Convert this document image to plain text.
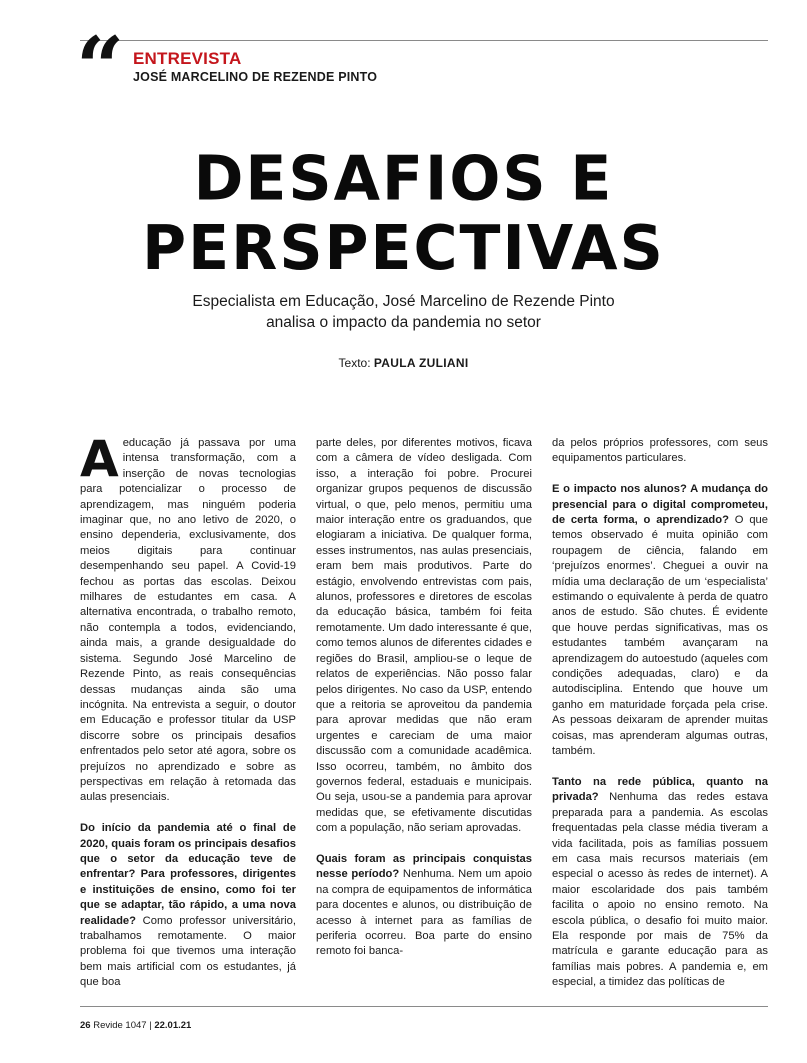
“ ENTREVISTA
JOSÉ MARCELINO DE REZENDE PINTO
DESAFIOS E
PERSPECTIVAS
Especialista em Educação, José Marcelino de Rezende Pinto analisa o impacto da pandemia no setor
Texto: PAULA ZULIANI

Aeducação já passava por uma intensa transformação, com a inserção de novas tecnologias para potencializar o processo de aprendizagem, mas ninguém poderia imaginar que, no ano letivo de 2020, o ensino dependeria, exclusivamente, dos meios digitais para continuar desempenhando seu papel. A Covid-19 fechou as portas das escolas. Deixou milhares de estudantes em casa. A alternativa encontrada, o trabalho remoto, não contempla a todos, evidenciando, ainda mais, a grande desigualdade do sistema. Segundo José Marcelino de Rezende Pinto, as reais consequências dessas mudanças ainda são uma incógnita. Na entrevista a seguir, o doutor em Educação e professor titular da USP discorre sobre os principais desafios enfrentados pelo setor até agora, sobre os prejuízos no aprendizado e sobre as perspectivas em relação à retomada das aulas presenciais.

Do início da pandemia até o final de 2020, quais foram os principais desafios que o setor da educação teve de enfrentar? Para professores, dirigentes e instituições de ensino, como foi ter que se adaptar, tão rápido, a uma nova realidade? Como professor universitário, trabalhamos remotamente. O maior problema foi que tivemos uma interação bem mais artificial com os estudantes, já que boa

parte deles, por diferentes motivos, ficava com a câmera de vídeo desligada. Com isso, a interação foi pobre. Procurei organizar grupos pequenos de discussão virtual, o que, pelo menos, permitiu uma maior interação entre os graduandos, que elogiaram a iniciativa. De qualquer forma, esses instrumentos, nas aulas presenciais, eram bem mais produtivos. Parte do estágio, envolvendo entrevistas com pais, alunos, professores e diretores de escolas da educação básica, também foi feita remotamente. Um dado interessante é que, como temos alunos de diferentes cidades e regiões do Brasil, ampliou-se o leque de relatos de experiências. Não posso falar pelos dirigentes. No caso da USP, entendo que a reitoria se aproveitou da pandemia para aprovar medidas que não eram urgentes e careciam de uma maior discussão com a comunidade acadêmica. Isso ocorreu, também, no âmbito dos governos federal, estaduais e municipais. Ou seja, usou-se a pandemia para aprovar medidas que, se efetivamente discutidas com a população, não seriam aprovadas.

Quais foram as principais conquistas nesse período? Nenhuma. Nem um apoio na compra de equipamentos de informática para docentes e alunos, ou distribuição de acesso à internet para as famílias de periferia ocorreu. Boa parte do ensino remoto foi banca-

da pelos próprios professores, com seus equipamentos particulares.

E o impacto nos alunos? A mudança do presencial para o digital comprometeu, de certa forma, o aprendizado? O que temos observado é muita opinião com roupagem de ciência, falando em ‘prejuízos enormes’. Cheguei a ouvir na mídia uma declaração de um ‘especialista’ estimando o equivalente à perda de quatro anos de estudo. São chutes. É evidente que houve perdas significativas, mas os estudantes também avançaram na aprendizagem do autoestudo (aqueles com condições adequadas, claro) e da autodisciplina. Entendo que houve um ganho em maturidade forçada pela crise. As pessoas deixaram de aprender muitas coisas, mas aprenderam algumas outras, também.

Tanto na rede pública, quanto na privada? Nenhuma das redes estava preparada para a pandemia. As escolas frequentadas pela classe média tiveram a vida facilitada, pois as famílias possuem em casa mais recursos materiais (em especial o acesso às redes de internet). A maior escolaridade dos pais também facilita o apoio no ensino remoto. Na escola pública, o desafio foi muito maior. Ela responde por mais de 75% da matrícula e garante educação para as famílias mais pobres. A pandemia e, em especial, a timidez das políticas de

26 Revide 1047 | 22.01.21
